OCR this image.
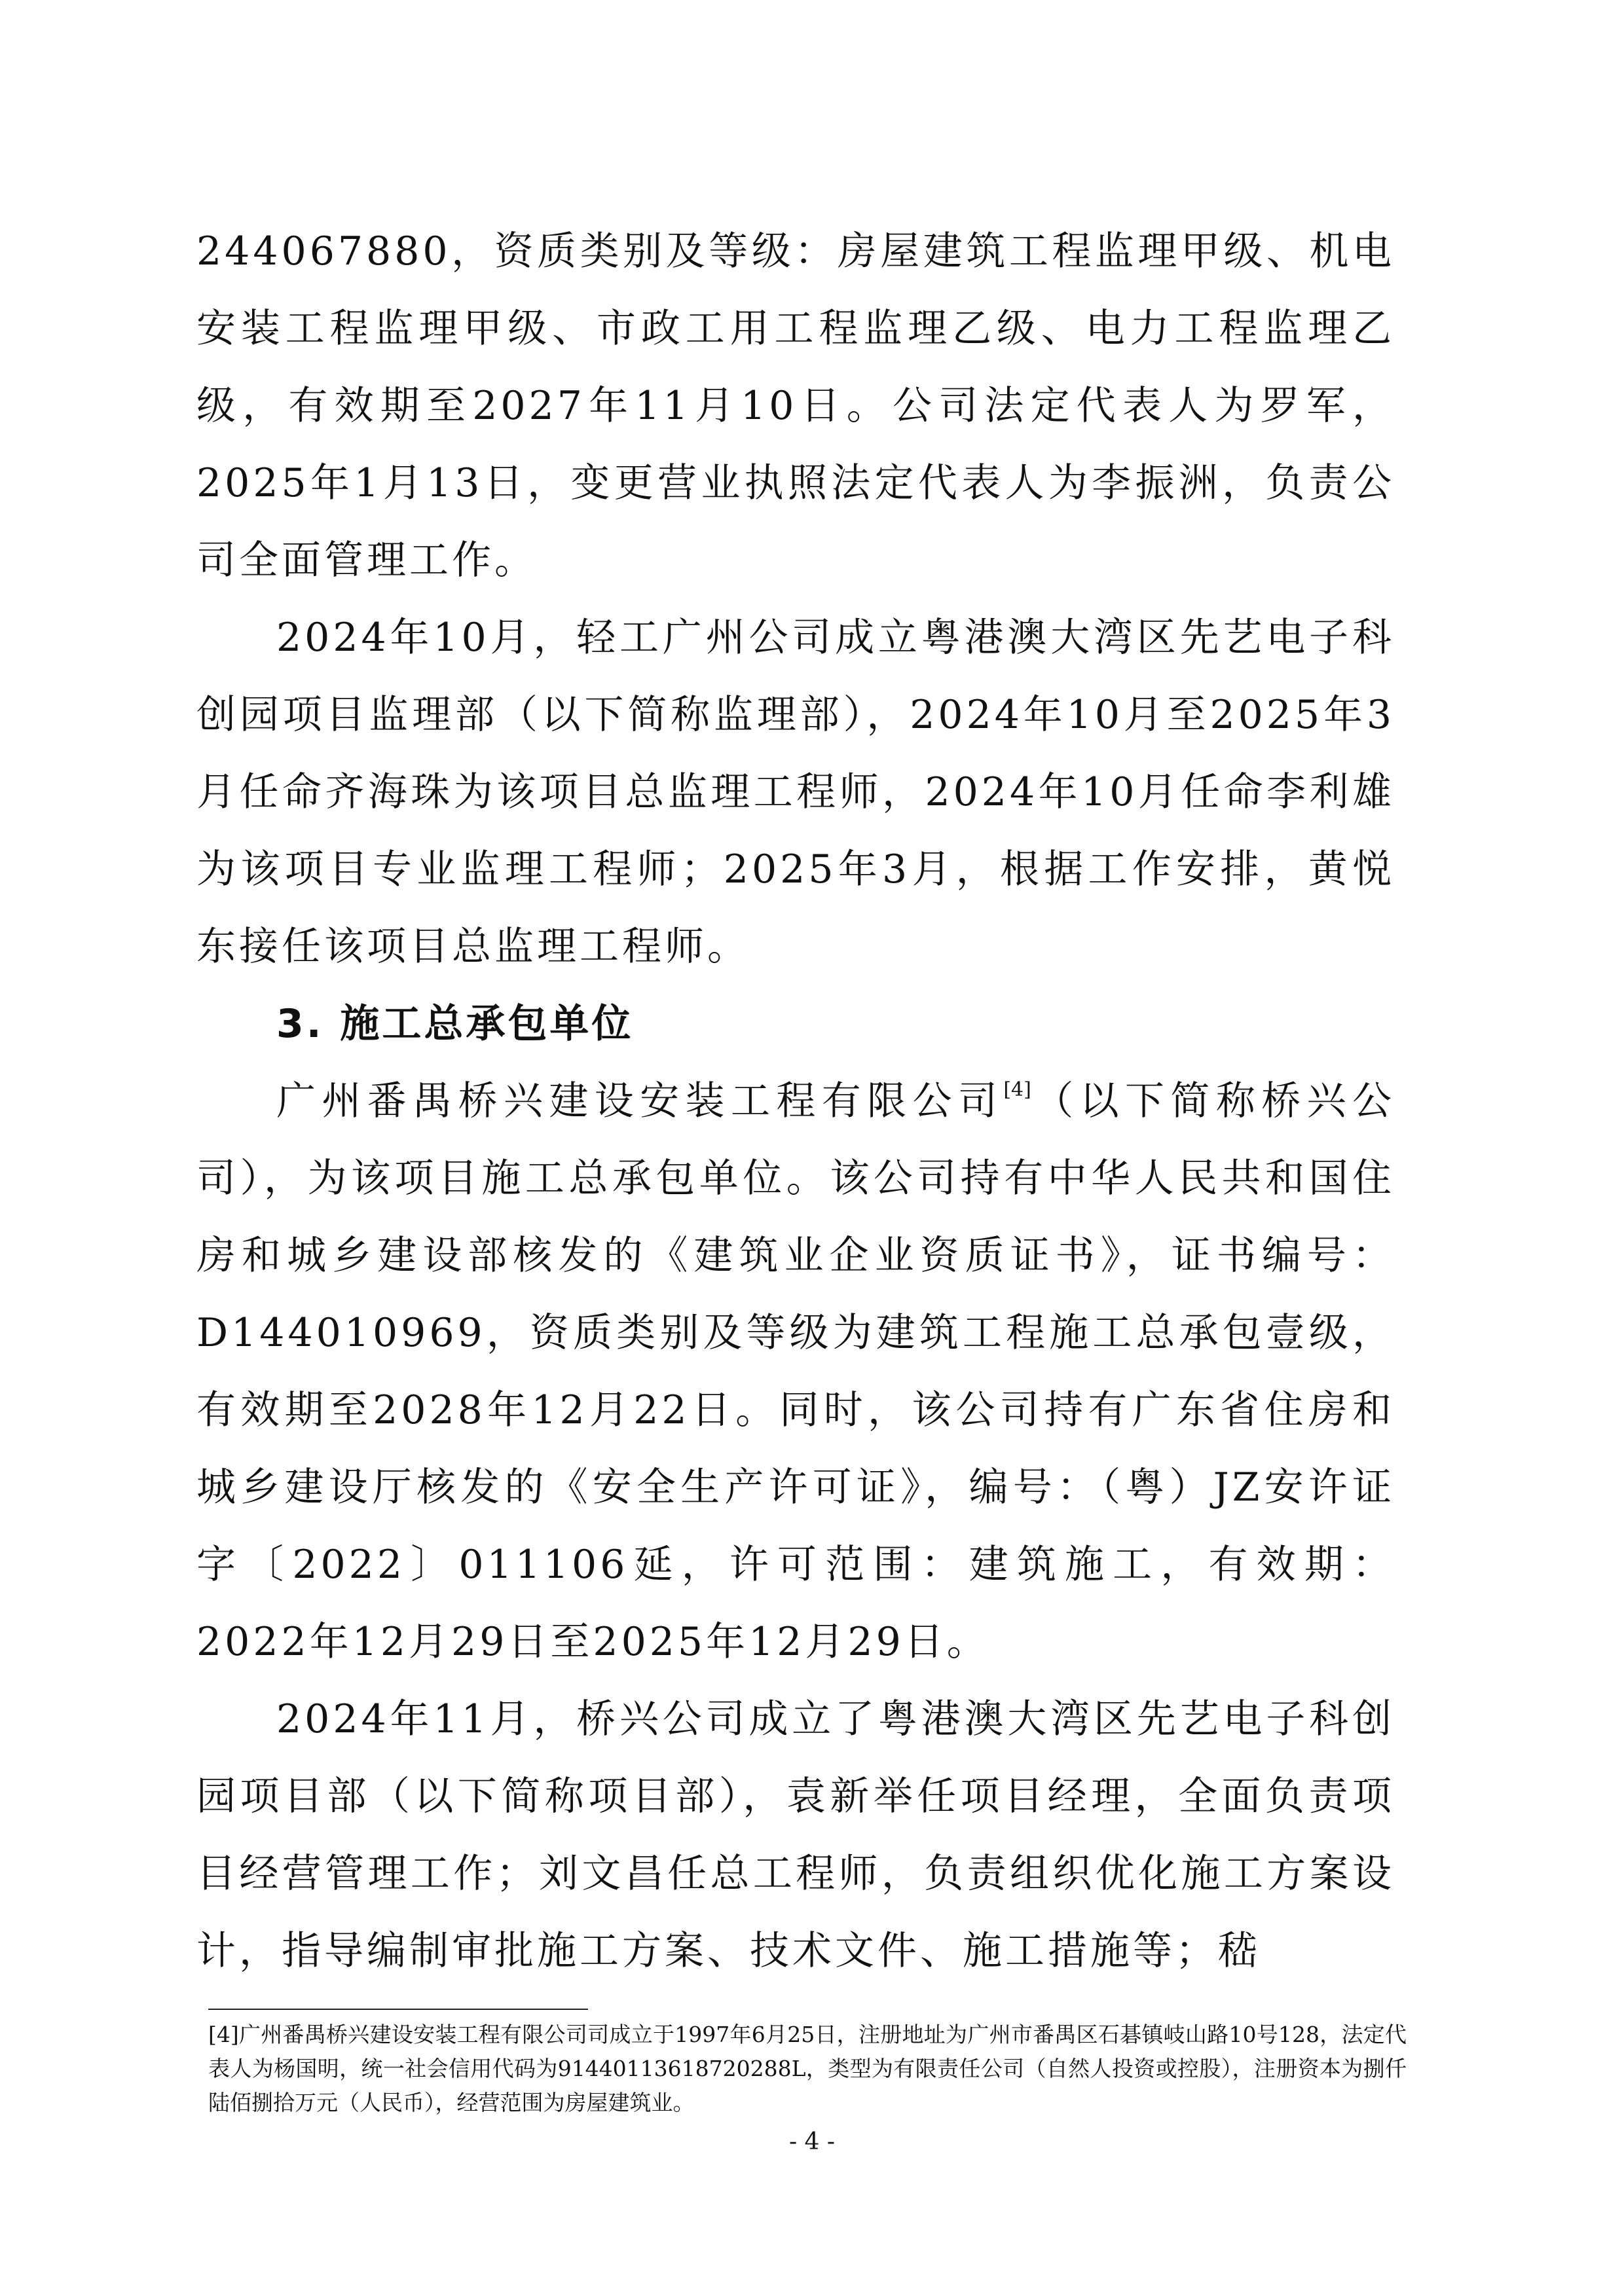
244067880，资质类别及等级：房屋建筑工程监理甲级、机电安装工程监理甲级、市政工用工程监理乙级、电力工程监理乙级，有效期至2027年11月10日。公司法定代表人为罗军，2025年1月13日，变更营业执照法定代表人为李振洲，负责公司全面管理工作。

2024年10月，轻工广州公司成立粤港澳大湾区先艺电子科创园项目监理部（以下简称监理部），2024年10月至2025年3月任命齐海珠为该项目总监理工程师，2024年10月任命李利雄为该项目专业监理工程师；2025年3月，根据工作安排，黄悦东接任该项目总监理工程师。

3. 施工总承包单位

广州番禺桥兴建设安装工程有限公司[4]（以下简称桥兴公司），为该项目施工总承包单位。该公司持有中华人民共和国住房和城乡建设部核发的《建筑业企业资质证书》，证书编号：D144010969，资质类别及等级为建筑工程施工总承包壹级，有效期至2028年12月22日。同时，该公司持有广东省住房和城乡建设厅核发的《安全生产许可证》，编号：（粤）JZ安许证字〔2022〕011106延，许可范围：建筑施工，有效期：2022年12月29日至2025年12月29日。

2024年11月，桥兴公司成立了粤港澳大湾区先艺电子科创园项目部（以下简称项目部），袁新举任项目经理，全面负责项目经营管理工作；刘文昌任总工程师，负责组织优化施工方案设计，指导编制审批施工方案、技术文件、施工措施等；嵇

[4]广州番禺桥兴建设安装工程有限公司司成立于1997年6月25日，注册地址为广州市番禺区石碁镇岐山路10号128，法定代表人为杨国明，统一社会信用代码为91440113618720288L，类型为有限责任公司（自然人投资或控股），注册资本为捌仟陆佰捌拾万元（人民币），经营范围为房屋建筑业。

- 4 -
